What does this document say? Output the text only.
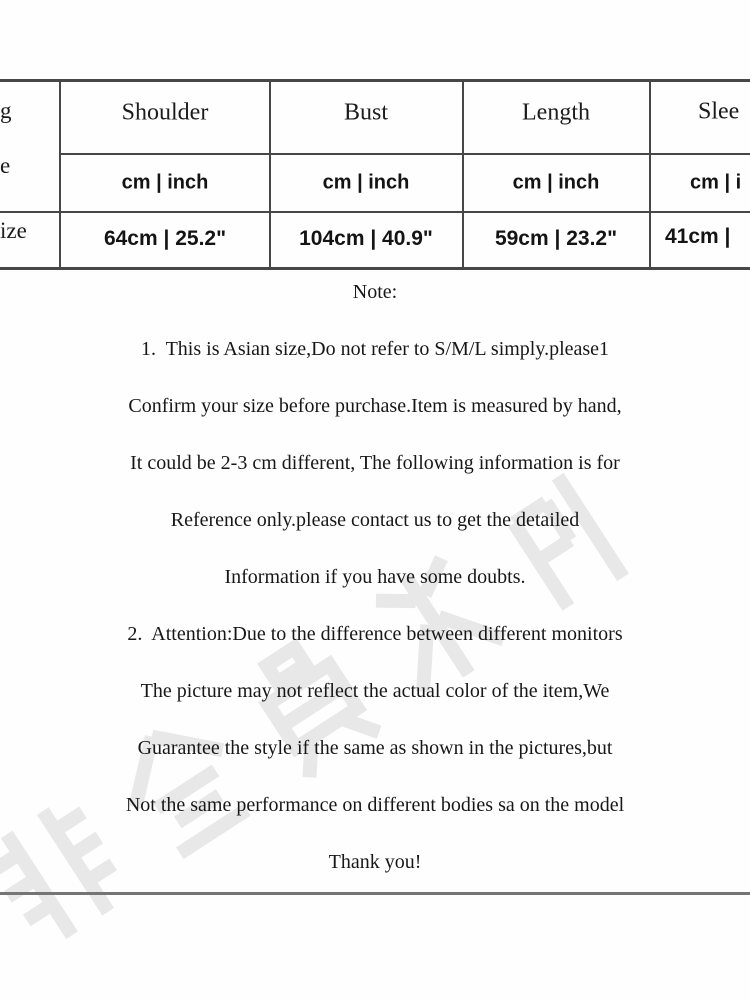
g
e
ize
Shoulder
cm | inch
64cm | 25.2"
Bust
cm | inch
104cm | 40.9"
Length
cm | inch
59cm | 23.2"
Slee
cm | i
41cm |
Note:
1.  This is Asian size,Do not refer to S/M/L simply.please1
Confirm your size before purchase.Item is measured by hand,
It could be 2-3 cm different, The following information is for
Reference only.please contact us to get the detailed
Information if you have some doubts.
2.  Attention:Due to the difference between different monitors
The picture may not reflect the actual color of the item,We
Guarantee the style if the same as shown in the pictures,but
Not the same performance on different bodies sa on the model
Thank you!
